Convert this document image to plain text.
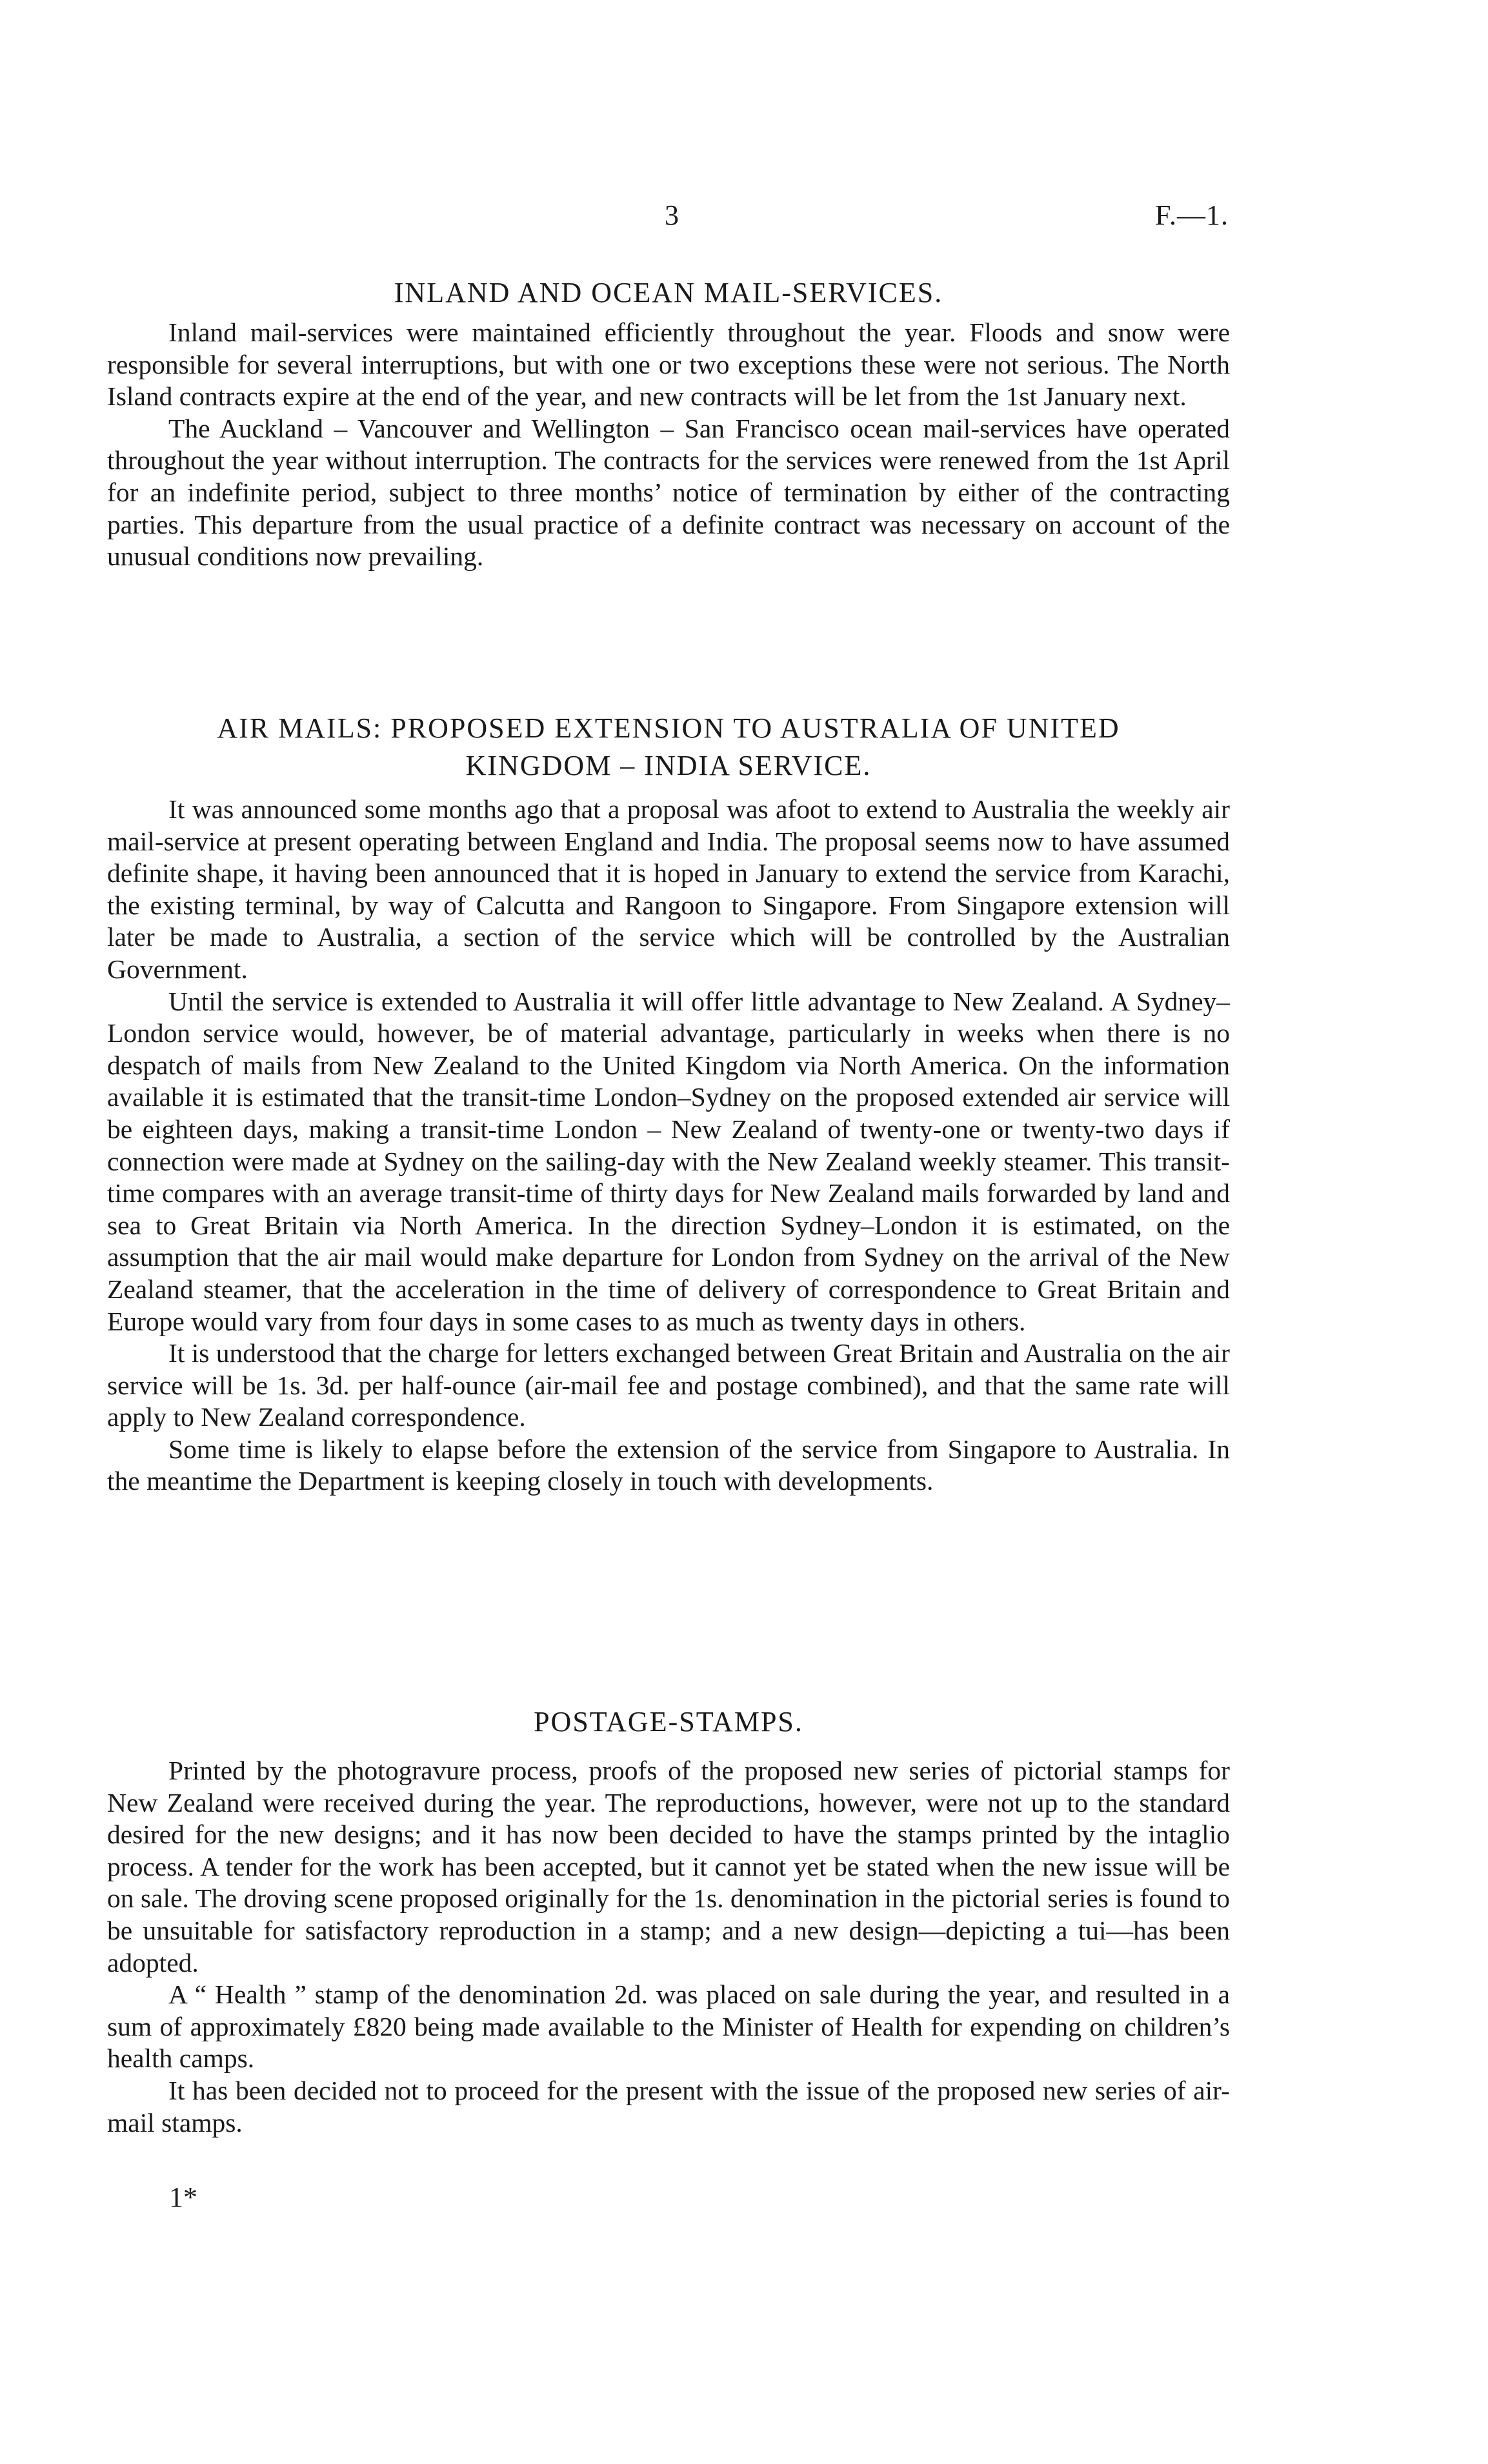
3	F.—1.
INLAND AND OCEAN MAIL-SERVICES.

Inland mail-services were maintained efficiently throughout the year. Floods and snow were responsible for several interruptions, but with one or two exceptions these were not serious. The North Island contracts expire at the end of the year, and new contracts will be let from the 1st January next.

The Auckland – Vancouver and Wellington – San Francisco ocean mail-services have operated throughout the year without interruption. The contracts for the services were renewed from the 1st April for an indefinite period, subject to three months’ notice of termination by either of the contracting parties. This departure from the usual practice of a definite contract was necessary on account of the unusual conditions now prevailing.

AIR MAILS: PROPOSED EXTENSION TO AUSTRALIA OF UNITED
KINGDOM – INDIA SERVICE.

It was announced some months ago that a proposal was afoot to extend to Australia the weekly air mail-service at present operating between England and India. The proposal seems now to have assumed definite shape, it having been announced that it is hoped in January to extend the service from Karachi, the existing terminal, by way of Calcutta and Rangoon to Singapore. From Singapore extension will later be made to Australia, a section of the service which will be controlled by the Australian Government.

Until the service is extended to Australia it will offer little advantage to New Zealand. A Sydney–London service would, however, be of material advantage, particularly in weeks when there is no despatch of mails from New Zealand to the United Kingdom via North America. On the information available it is estimated that the transit-time London–Sydney on the proposed extended air service will be eighteen days, making a transit-time London – New Zealand of twenty-one or twenty-two days if connection were made at Sydney on the sailing-day with the New Zealand weekly steamer. This transit-time compares with an average transit-time of thirty days for New Zealand mails forwarded by land and sea to Great Britain via North America. In the direction Sydney–London it is estimated, on the assumption that the air mail would make departure for London from Sydney on the arrival of the New Zealand steamer, that the acceleration in the time of delivery of correspondence to Great Britain and Europe would vary from four days in some cases to as much as twenty days in others.

It is understood that the charge for letters exchanged between Great Britain and Australia on the air service will be 1s. 3d. per half-ounce (air-mail fee and postage combined), and that the same rate will apply to New Zealand correspondence.

Some time is likely to elapse before the extension of the service from Singapore to Australia. In the meantime the Department is keeping closely in touch with developments.

POSTAGE-STAMPS.

Printed by the photogravure process, proofs of the proposed new series of pictorial stamps for New Zealand were received during the year. The reproductions, however, were not up to the standard desired for the new designs; and it has now been decided to have the stamps printed by the intaglio process. A tender for the work has been accepted, but it cannot yet be stated when the new issue will be on sale. The droving scene proposed originally for the 1s. denomination in the pictorial series is found to be unsuitable for satisfactory reproduction in a stamp; and a new design—depicting a tui—has been adopted.

A “ Health ” stamp of the denomination 2d. was placed on sale during the year, and resulted in a sum of approximately £820 being made available to the Minister of Health for expending on children’s health camps.

It has been decided not to proceed for the present with the issue of the proposed new series of air-mail stamps.

1*
